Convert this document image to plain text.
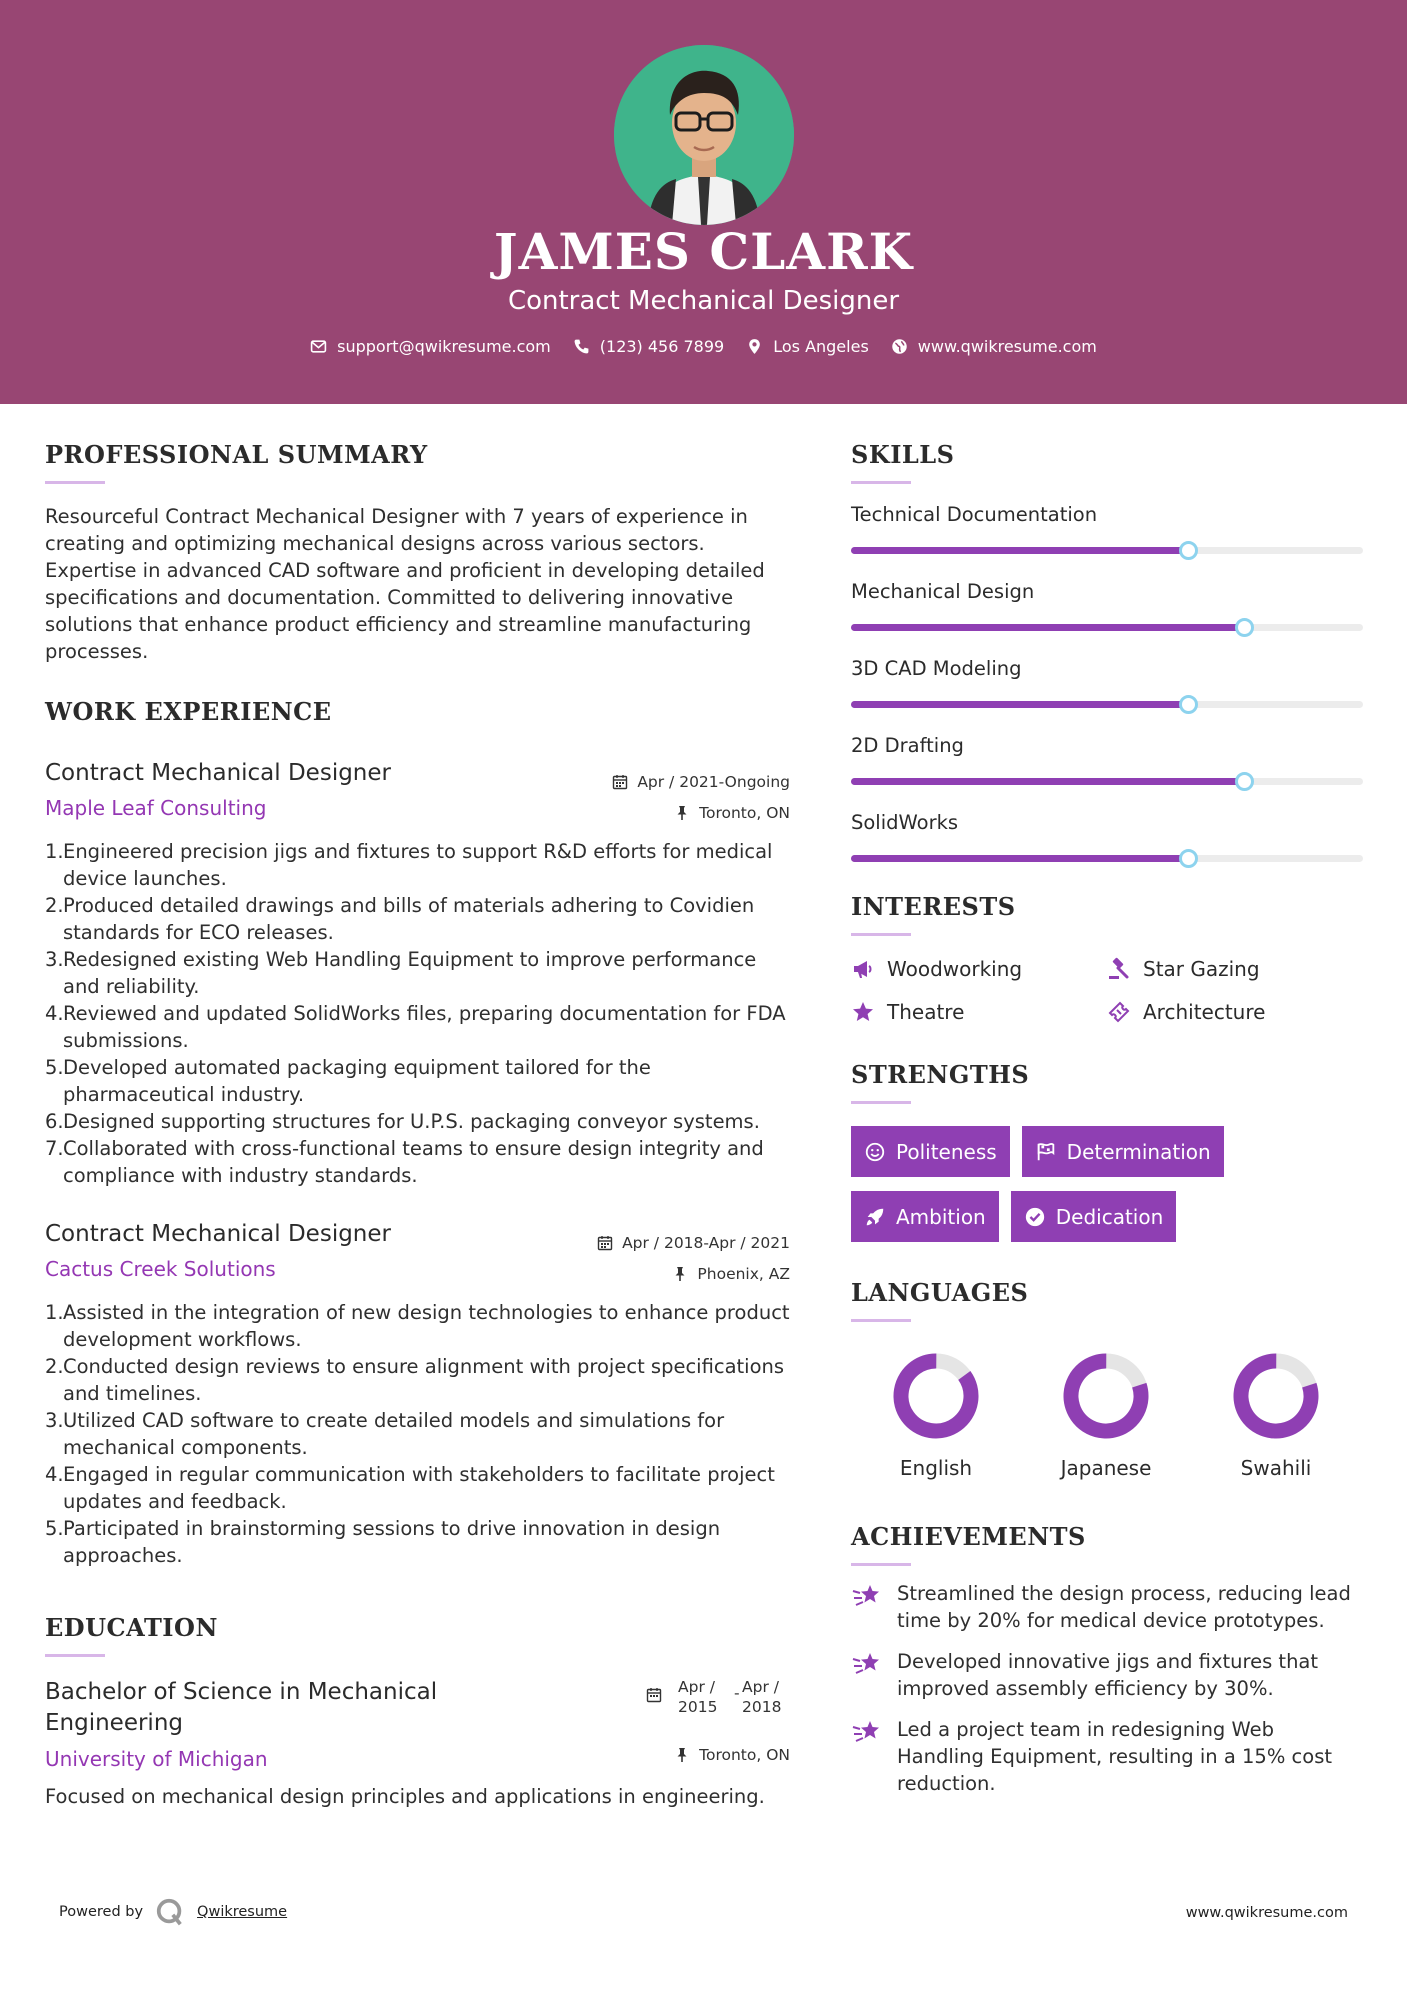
JAMES CLARK
Contract Mechanical Designer
support@qwikresume.com	(123) 456 7899	Los Angeles	www.qwikresume.com
PROFESSIONAL SUMMARY
Resourceful Contract Mechanical Designer with 7 years of experience in creating and optimizing mechanical designs across various sectors. Expertise in advanced CAD software and proficient in developing detailed specifications and documentation. Committed to delivering innovative solutions that enhance product efficiency and streamline manufacturing processes.
WORK EXPERIENCE
Contract Mechanical Designer
Maple Leaf Consulting
Apr / 2021-Ongoing
Toronto, ON
1. Engineered precision jigs and fixtures to support R&D efforts for medical device launches.
2. Produced detailed drawings and bills of materials adhering to Covidien standards for ECO releases.
3. Redesigned existing Web Handling Equipment to improve performance and reliability.
4. Reviewed and updated SolidWorks files, preparing documentation for FDA submissions.
5. Developed automated packaging equipment tailored for the pharmaceutical industry.
6. Designed supporting structures for U.P.S. packaging conveyor systems.
7. Collaborated with cross-functional teams to ensure design integrity and compliance with industry standards.
Contract Mechanical Designer
Cactus Creek Solutions
Apr / 2018-Apr / 2021
Phoenix, AZ
1. Assisted in the integration of new design technologies to enhance product development workflows.
2. Conducted design reviews to ensure alignment with project specifications and timelines.
3. Utilized CAD software to create detailed models and simulations for mechanical components.
4. Engaged in regular communication with stakeholders to facilitate project updates and feedback.
5. Participated in brainstorming sessions to drive innovation in design approaches.
EDUCATION
Bachelor of Science in Mechanical Engineering
University of Michigan
Apr / 2015
- Apr / 2018
Toronto, ON
Focused on mechanical design principles and applications in engineering.
SKILLS
Technical Documentation
Mechanical Design
3D CAD Modeling
2D Drafting
SolidWorks
INTERESTS
Woodworking	Star Gazing
Theatre	Architecture
STRENGTHS
Politeness	Determination
Ambition	Dedication
LANGUAGES
English	Japanese	Swahili
ACHIEVEMENTS
Streamlined the design process, reducing lead time by 20% for medical device prototypes.
Developed innovative jigs and fixtures that improved assembly efficiency by 30%.
Led a project team in redesigning Web Handling Equipment, resulting in a 15% cost reduction.
Powered by	Qwikresume	www.qwikresume.com
